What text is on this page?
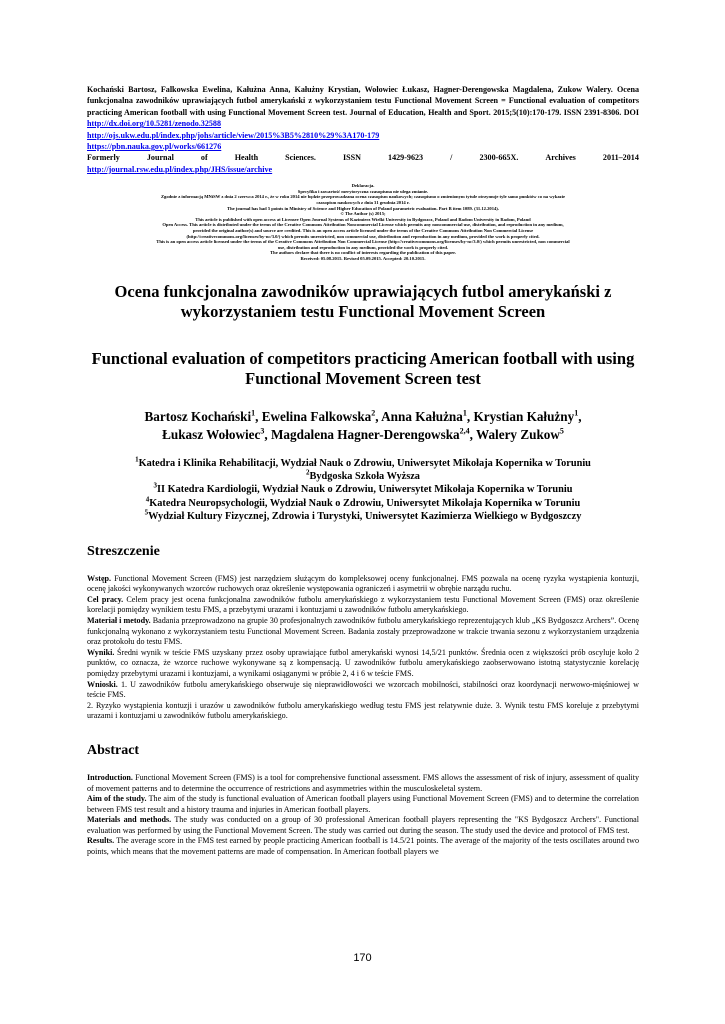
Kochański Bartosz, Falkowska Ewelina, Kałużna Anna, Kałużny Krystian, Wołowiec Łukasz, Hagner-Derengowska Magdalena, Zukow Walery. Ocena funkcjonalna zawodników uprawiających futbol amerykański z wykorzystaniem testu Functional Movement Screen = Functional evaluation of competitors practicing American football with using Functional Movement Screen test. Journal of Education, Health and Sport. 2015;5(10):170-179. ISSN 2391-8306. DOI http://dx.doi.org/10.5281/zenodo.32588
http://ojs.ukw.edu.pl/index.php/johs/article/view/2015%3B5%2810%29%3A170-179
https://pbn.nauka.gov.pl/works/661276
Formerly	Journal	of	Health	Sciences.	ISSN	1429-9623	/	2300-665X.	Archives	2011–2014
http://journal.rsw.edu.pl/index.php/JHS/issue/archive
Deklaracja.
Specyfika i zawartość merytoryczna czasopisma nie ulega zmianie.
Zgodnie z informacją MNiSW z dnia 2 czerwca 2014 r., że w roku 2014 nie będzie przeprowadzana ocena czasopism naukowych; czasopismo o zmienionym tytule otrzymuje tyle samo punktów co na wykazie
czasopism naukowych z dnia 31 grudnia 2014 r.
The journal has had 5 points in Ministry of Science and Higher Education of Poland parametric evaluation. Part B item 1089. (31.12.2014).
© The Author (s) 2015;
This article is published with open access at Licensee Open Journal Systems of Kazimierz Wielki University in Bydgoszcz, Poland and Radom University in Radom, Poland
Open Access. This article is distributed under the terms of the Creative Commons Attribution Noncommercial License which permits any noncommercial use, distribution, and reproduction in any medium,
provided the original author(s) and source are credited. This is an open access article licensed under the terms of the Creative Commons Attribution Non Commercial License
(http://creativecommons.org/licenses/by-nc/3.0/) which permits unrestricted, non commercial use, distribution and reproduction in any medium, provided the work is properly cited.
This is an open access article licensed under the terms of the Creative Commons Attribution Non Commercial License (http://creativecommons.org/licenses/by-nc/3.0/) which permits unrestricted, non commercial
use, distribution and reproduction in any medium, provided the work is properly cited.
The authors declare that there is no conflict of interests regarding the publication of this paper.
Received: 05.08.2015. Revised 05.09.2015. Accepted: 20.10.2015.
Ocena funkcjonalna zawodników uprawiających futbol amerykański z wykorzystaniem testu Functional Movement Screen
Functional evaluation of competitors practicing American football with using Functional Movement Screen test
Bartosz Kochański$^1$, Ewelina Falkowska$^2$, Anna Kałużna$^1$, Krystian Kałużny$^1$,
Łukasz Wołowiec$^3$, Magdalena Hagner-Derengowska$^{2,4}$, Walery Zukow$^5$
$^1$Katedra i Klinika Rehabilitacji, Wydział Nauk o Zdrowiu, Uniwersytet Mikołaja Kopernika w Toruniu
$^2$Bydgoska Szkoła Wyższa
$^3$II Katedra Kardiologii, Wydział Nauk o Zdrowiu, Uniwersytet Mikołaja Kopernika w Toruniu
$^4$Katedra Neuropsychologii, Wydział Nauk o Zdrowiu, Uniwersytet Mikołaja Kopernika w Toruniu
$^5$Wydział Kultury Fizycznej, Zdrowia i Turystyki, Uniwersytet Kazimierza Wielkiego w Bydgoszczy
Streszczenie

Wstęp. Functional Movement Screen (FMS) jest narzędziem służącym do kompleksowej oceny funkcjonalnej. FMS pozwala na ocenę ryzyka wystąpienia kontuzji, ocenę jakości wykonywanych wzorców ruchowych oraz określenie występowania ograniczeń i asymetrii w obrębie narządu ruchu.

Cel pracy. Celem pracy jest ocena funkcjonalna zawodników futbolu amerykańskiego z wykorzystaniem testu Functional Movement Screen (FMS) oraz określenie korelacji pomiędzy wynikiem testu FMS, a przebytymi urazami i kontuzjami u zawodników futbolu amerykańskiego.

Materiał i metody. Badania przeprowadzono na grupie 30 profesjonalnych zawodników futbolu amerykańskiego reprezentujących klub „KS Bydgoszcz Archers”. Ocenę funkcjonalną wykonano z wykorzystaniem testu Functional Movement Screen. Badania zostały przeprowadzone w trakcie trwania sezonu z wykorzystaniem urządzenia oraz protokołu do testu FMS.

Wyniki. Średni wynik w teście FMS uzyskany przez osoby uprawiające futbol amerykański wynosi 14,5/21 punktów. Średnia ocen z większości prób oscyluje koło 2 punktów, co oznacza, że wzorce ruchowe wykonywane są z kompensacją. U zawodników futbolu amerykańskiego zaobserwowano istotną statystycznie korelację pomiędzy przebytymi urazami i kontuzjami, a wynikami osiąganymi w próbie 2, 4 i 6 w teście FMS.

Wnioski. 1. U zawodników futbolu amerykańskiego obserwuje się nieprawidłowości we wzorcach mobilności, stabilności oraz koordynacji nerwowo-mięśniowej w teście FMS.

2. Ryzyko wystąpienia kontuzji i urazów u zawodników futbolu amerykańskiego według testu FMS jest relatywnie duże. 3. Wynik testu FMS koreluje z przebytymi urazami i kontuzjami u zawodników futbolu amerykańskiego.

Abstract

Introduction. Functional Movement Screen (FMS) is a tool for comprehensive functional assessment. FMS allows the assessment of risk of injury, assessment of quality of movement patterns and to determine the occurrence of restrictions and asymmetries within the musculoskeletal system.

Aim of the study. The aim of the study is functional evaluation of American football players using Functional Movement Screen (FMS) and to determine the correlation between FMS test result and a history trauma and injuries in American football players.

Materials and methods. The study was conducted on a group of 30 professional American football players representing the "KS Bydgoszcz Archers". Functional evaluation was performed by using the Functional Movement Screen. The study was carried out during the season. The study used the device and protocol of FMS test.

Results. The average score in the FMS test earned by people practicing American football is 14.5/21 points. The average of the majority of the tests oscillates around two points, which means that the movement patterns are made of compensation. In American football players we

170
